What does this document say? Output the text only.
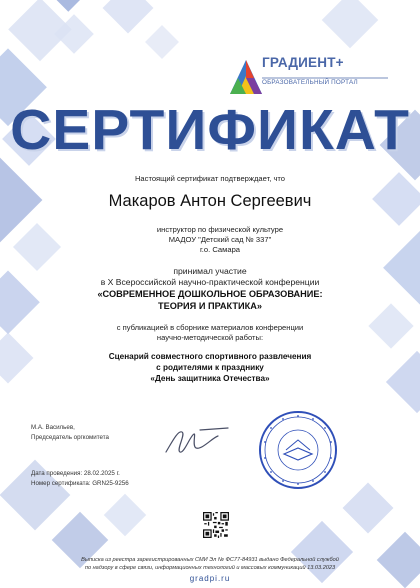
ГРАДИЕНТ+
ОБРАЗОВАТЕЛЬНЫЙ ПОРТАЛ
СЕРТИФИКАТ
Настоящий сертификат подтверждает, что
Макаров Антон Сергеевич
инструктор по физической культуре
МАДОУ "Детский сад № 337"
г.о. Самара
принимал участие
в X Всероссийской научно-практической конференции
«СОВРЕМЕННОЕ ДОШКОЛЬНОЕ ОБРАЗОВАНИЕ:
ТЕОРИЯ И ПРАКТИКА»
с публикацией в сборнике материалов конференции
научно-методической работы:
Сценарий совместного спортивного развлечения
с родителями к празднику
«День защитника Отечества»
М.А. Васильев,
Председатель оргкомитета
Дата проведения: 28.02.2025 г.
Номер сертификата: GRN25-9256
Выписка из реестра зарегистрированных СМИ Эл № ФС77-84931 выдано Федеральной службой
по надзору в сфере связи, информационных технологий и массовых коммуникаций 13.03.2023
gradpi.ru
